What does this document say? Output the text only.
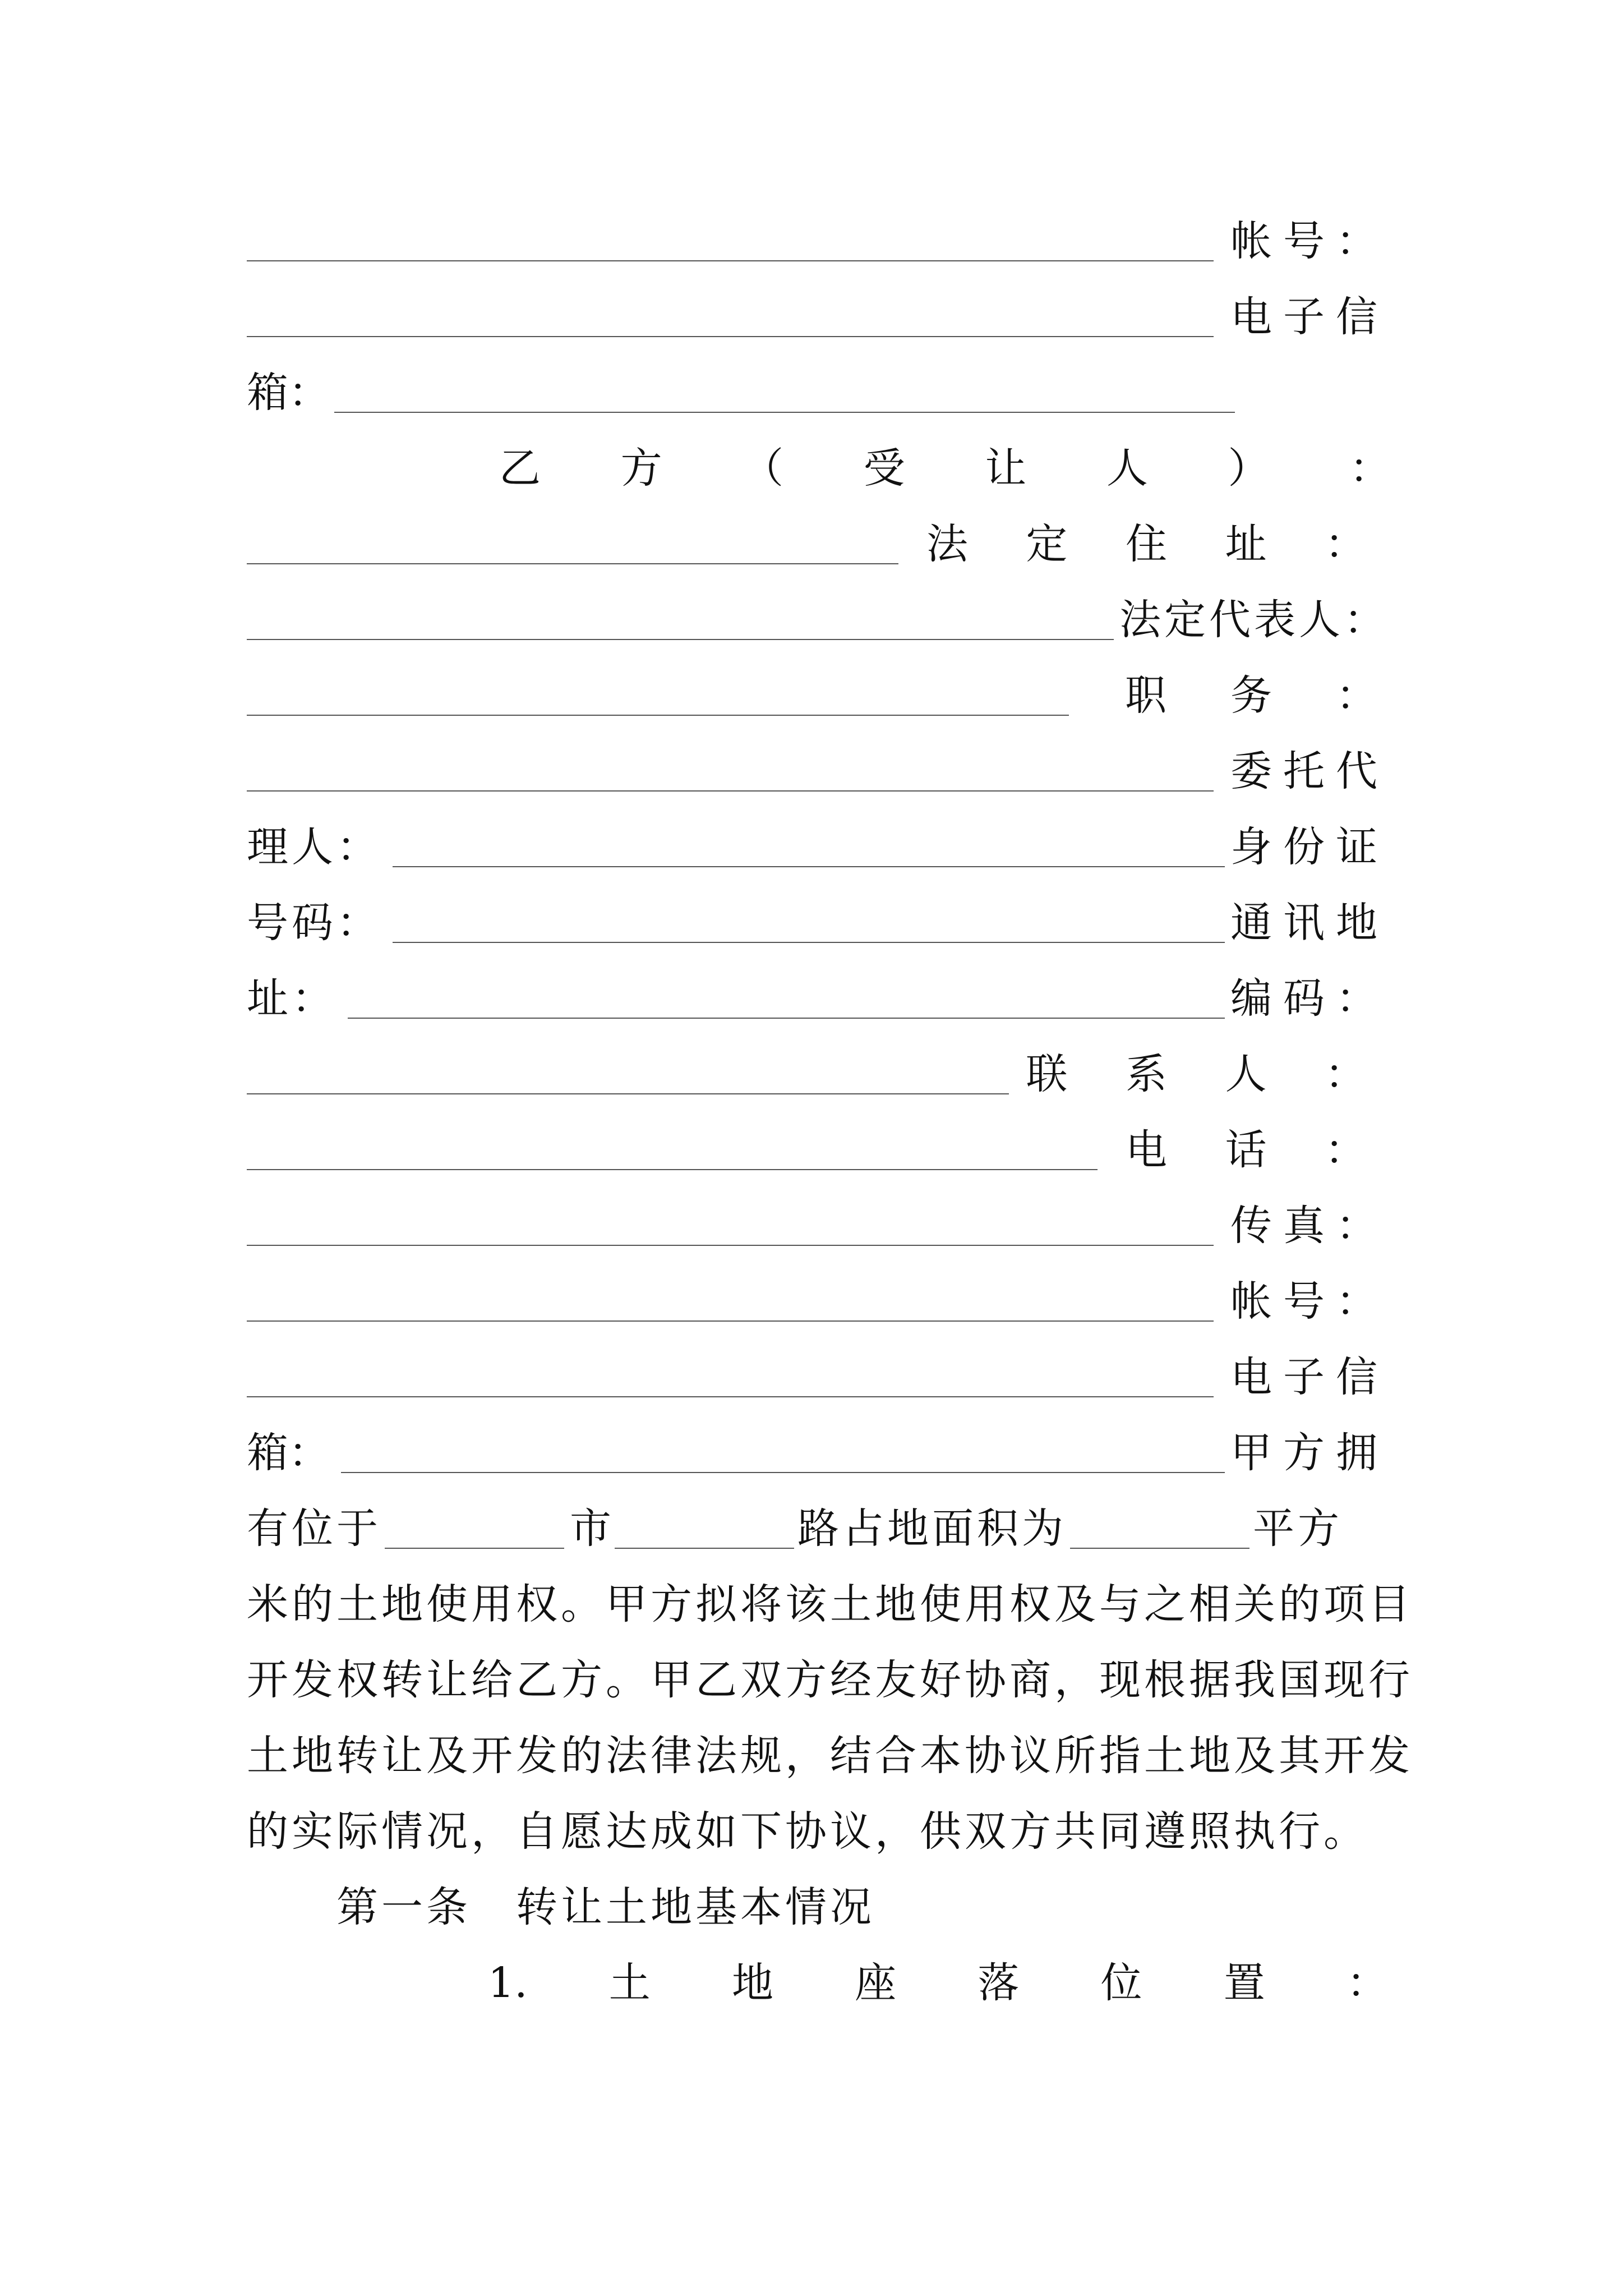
帐号：
电子信
箱：
乙 方 （ 受 让 人 ） ：
法 定 住 址 ：
法定代表人：
职　务　：
委托代
理人：	身份证
号码：	通讯地
址：	编码：
联 系 人 ：
电 话 ：
传真：
帐号：
电子信
箱：	甲方拥
有位于	市	路占地面积为	平方
米的土地使用权。甲方拟将该土地使用权及与之相关的项目
开发权转让给乙方。甲乙双方经友好协商，现根据我国现行
土地转让及开发的法律法规，结合本协议所指土地及其开发
的实际情况，自愿达成如下协议，供双方共同遵照执行。
第一条　转让土地基本情况
1. 土 地 座 落 位 置 ：
